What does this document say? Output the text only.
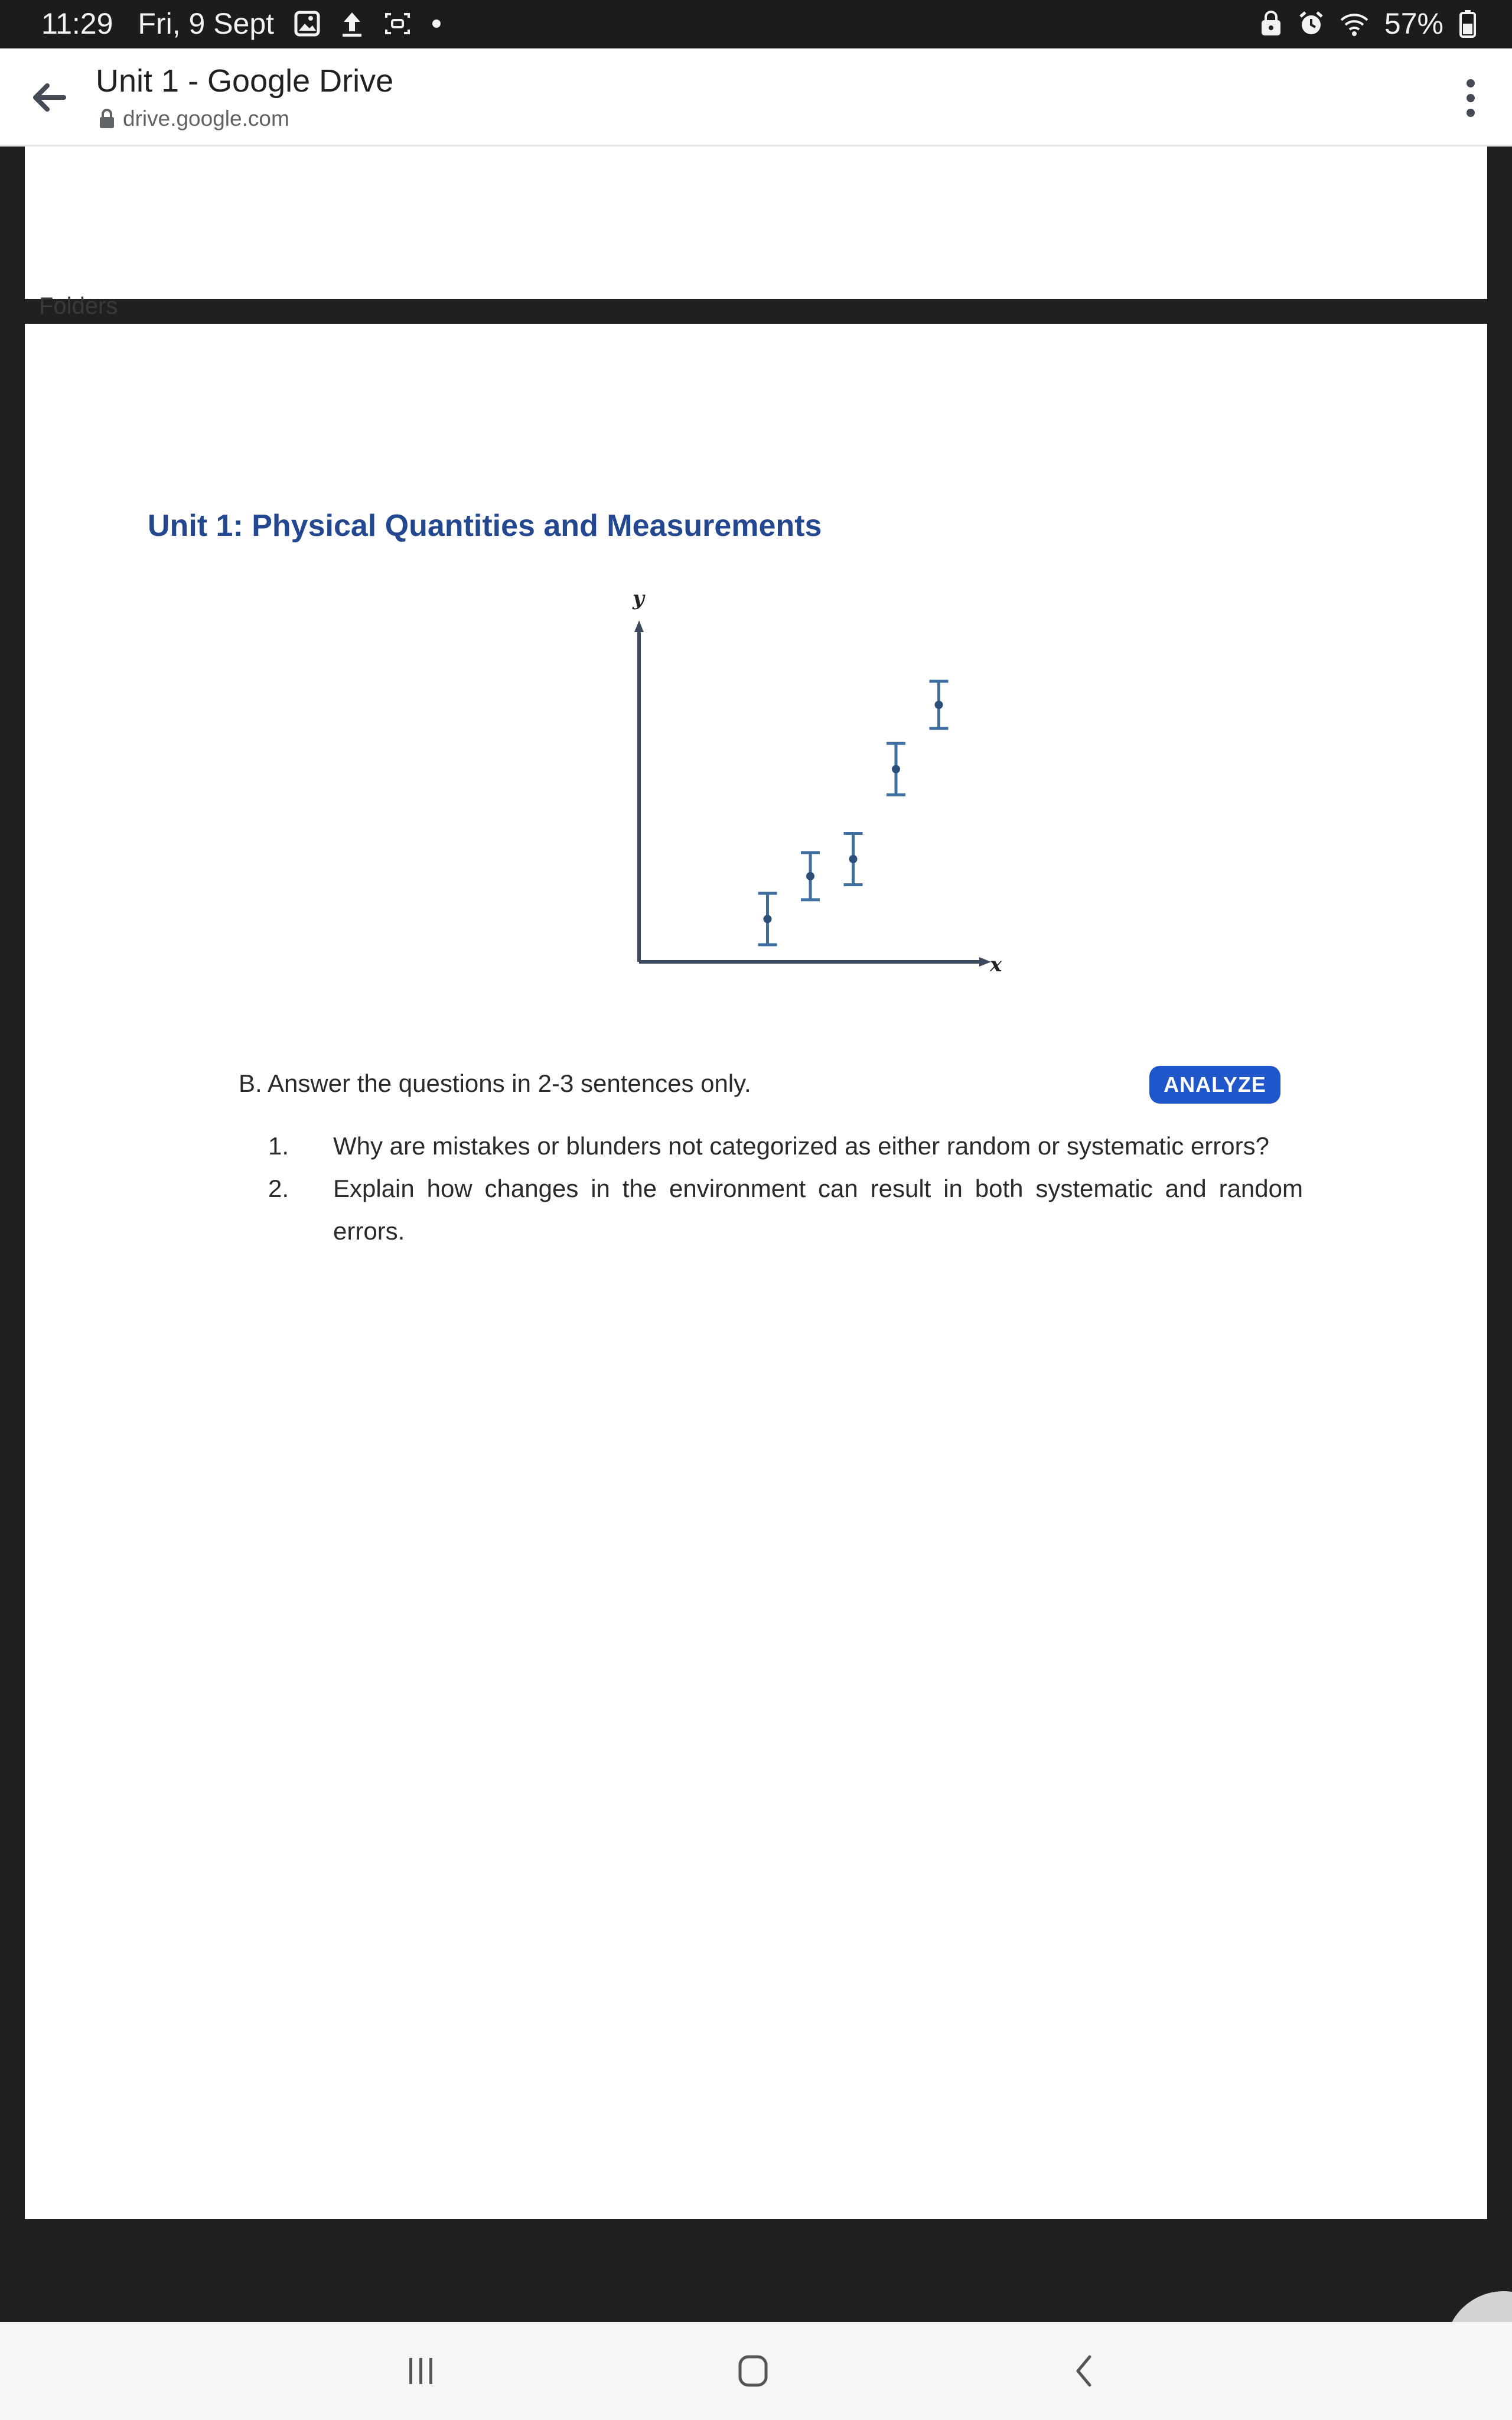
11:29 Fri, 9 Sept	57%
Unit 1 - Google Drive
drive.google.com
Folders
Unit 1: Physical Quantities and Measurements
y
x
B. Answer the questions in 2-3 sentences only.	ANALYZE
1. Why are mistakes or blunders not categorized as either random or systematic errors?
2. Explain how changes in the environment can result in both systematic and random errors.
